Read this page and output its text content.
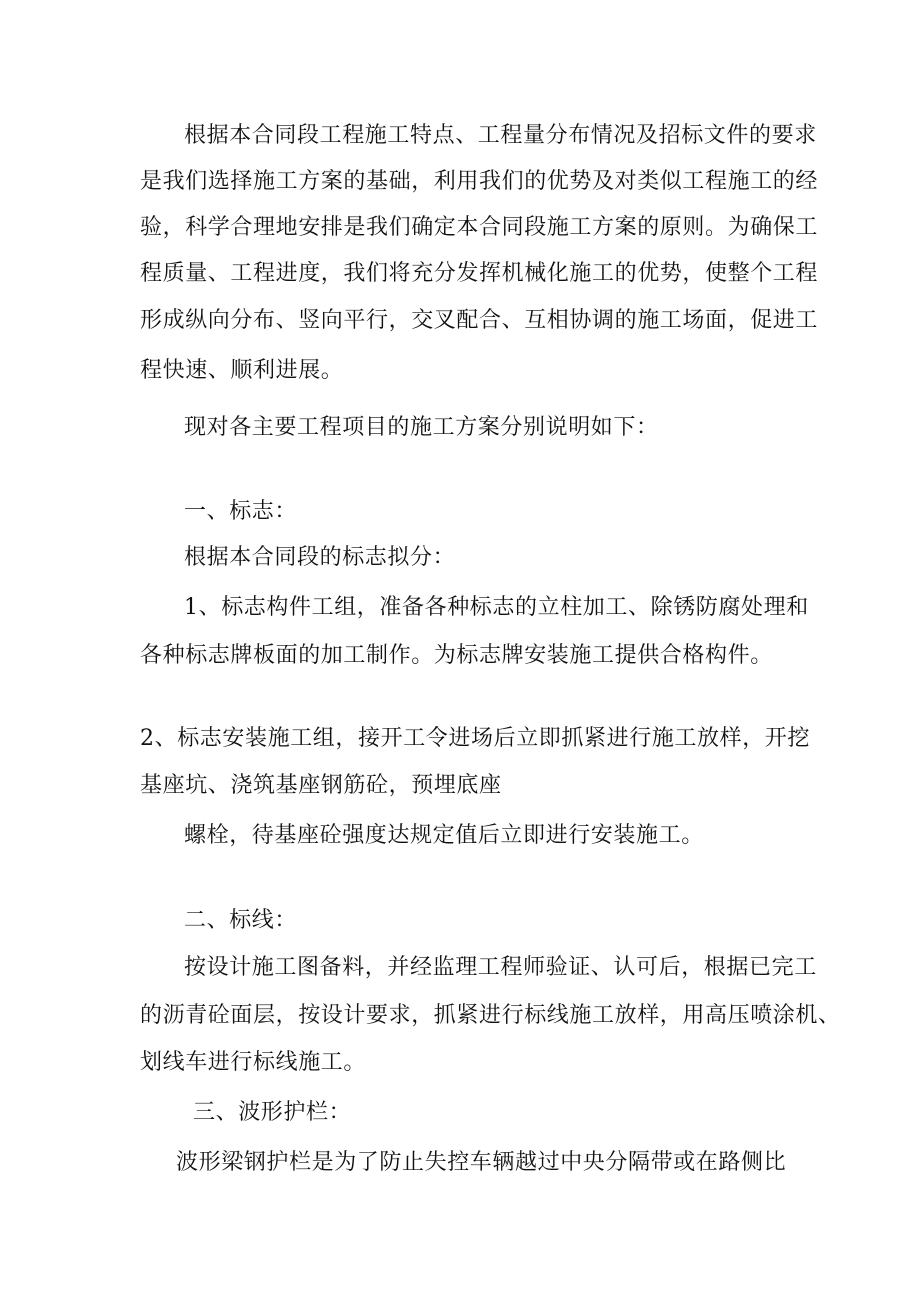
根据本合同段工程施工特点、工程量分布情况及招标文件的要求
是我们选择施工方案的基础，利用我们的优势及对类似工程施工的经
验，科学合理地安排是我们确定本合同段施工方案的原则。为确保工
程质量、工程进度，我们将充分发挥机械化施工的优势，使整个工程
形成纵向分布、竖向平行，交叉配合、互相协调的施工场面，促进工
程快速、顺利进展。
现对各主要工程项目的施工方案分别说明如下：
一、标志：
根据本合同段的标志拟分：
1、标志构件工组，准备各种标志的立柱加工、除锈防腐处理和
各种标志牌板面的加工制作。为标志牌安装施工提供合格构件。
2、标志安装施工组，接开工令进场后立即抓紧进行施工放样，开挖
基座坑、浇筑基座钢筋砼，预埋底座
螺栓，待基座砼强度达规定值后立即进行安装施工。
二、标线：
按设计施工图备料，并经监理工程师验证、认可后，根据已完工
的沥青砼面层，按设计要求，抓紧进行标线施工放样，用高压喷涂机、
划线车进行标线施工。
三、波形护栏：
波形梁钢护栏是为了防止失控车辆越过中央分隔带或在路侧比
